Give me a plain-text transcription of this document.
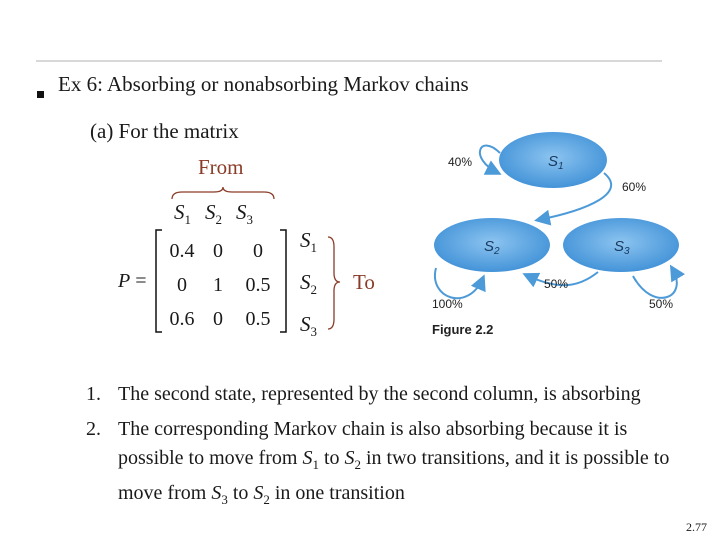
Ex 6: Absorbing or nonabsorbing Markov chains
(a) For the matrix
From
$S_1$ $S_2$ $S_3$
P =
0.4 0	0
0	1	0.5
0.6 0	0.5
$S_1$
$S_2$
$S_3$
To
$S_1$
$S_2$	$S_3$
40%
60%
100%
50%
50%
Figure 2.2
1. The second state, represented by the second column, is absorbing
2. The corresponding Markov chain is also absorbing because it is possible to move from $S_1$ to $S_2$ in two transitions, and it is possible to move from $S_3$ to $S_2$ in one transition
2.77
